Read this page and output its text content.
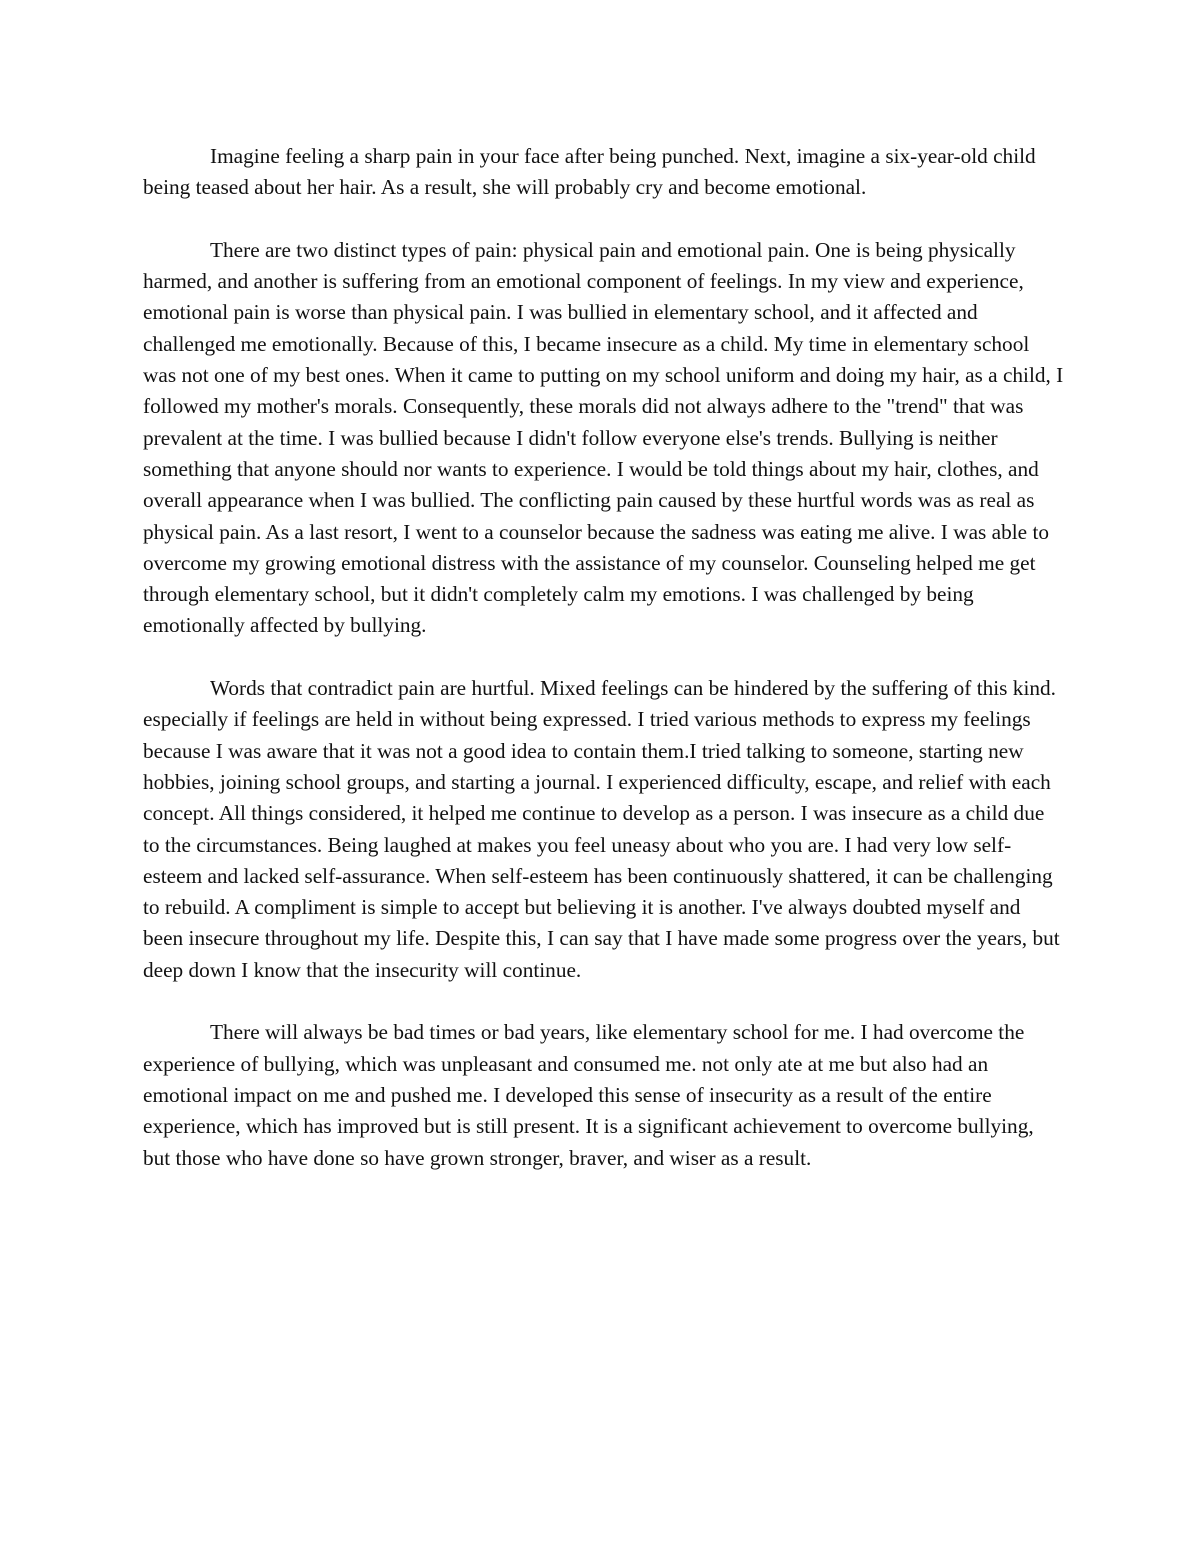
Imagine feeling a sharp pain in your face after being punched. Next, imagine a six-year-old child being teased about her hair. As a result, she will probably cry and become emotional.

There are two distinct types of pain: physical pain and emotional pain. One is being physically harmed, and another is suffering from an emotional component of feelings. In my view and experience, emotional pain is worse than physical pain. I was bullied in elementary school, and it affected and challenged me emotionally. Because of this, I became insecure as a child. My time in elementary school was not one of my best ones. When it came to putting on my school uniform and doing my hair, as a child, I followed my mother's morals. Consequently, these morals did not always adhere to the "trend" that was prevalent at the time. I was bullied because I didn't follow everyone else's trends. Bullying is neither something that anyone should nor wants to experience. I would be told things about my hair, clothes, and overall appearance when I was bullied. The conflicting pain caused by these hurtful words was as real as physical pain. As a last resort, I went to a counselor because the sadness was eating me alive. I was able to overcome my growing emotional distress with the assistance of my counselor. Counseling helped me get through elementary school, but it didn't completely calm my emotions. I was challenged by being emotionally affected by bullying.

Words that contradict pain are hurtful. Mixed feelings can be hindered by the suffering of this kind. especially if feelings are held in without being expressed. I tried various methods to express my feelings because I was aware that it was not a good idea to contain them.I tried talking to someone, starting new hobbies, joining school groups, and starting a journal. I experienced difficulty, escape, and relief with each concept. All things considered, it helped me continue to develop as a person. I was insecure as a child due to the circumstances. Being laughed at makes you feel uneasy about who you are. I had very low self-esteem and lacked self-assurance. When self-esteem has been continuously shattered, it can be challenging to rebuild. A compliment is simple to accept but believing it is another. I've always doubted myself and been insecure throughout my life. Despite this, I can say that I have made some progress over the years, but deep down I know that the insecurity will continue.

There will always be bad times or bad years, like elementary school for me. I had overcome the experience of bullying, which was unpleasant and consumed me. not only ate at me but also had an emotional impact on me and pushed me. I developed this sense of insecurity as a result of the entire experience, which has improved but is still present. It is a significant achievement to overcome bullying, but those who have done so have grown stronger, braver, and wiser as a result.
